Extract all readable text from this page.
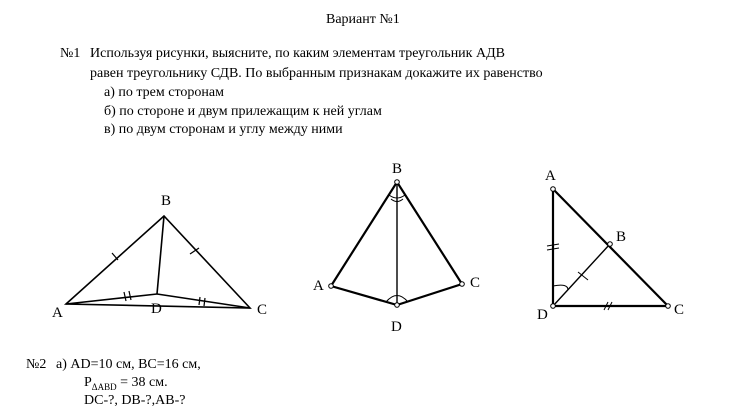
Вариант №1
№1 Используя рисунки, выясните, по каким элементам треугольник АДВ
равен треугольнику СДВ. По выбранным признакам докажите их равенство
а) по трем сторонам
б) по стороне и двум прилежащим к ней углам
в) по двум сторонам и углу между ними
A
B
C
D
B
A	C
D
A
B
D	C
№2 а) AD=10 см, BC=16 см,
$P_{\Delta ABD} = 38$ см.
DC-?, DB-?,AB-?
